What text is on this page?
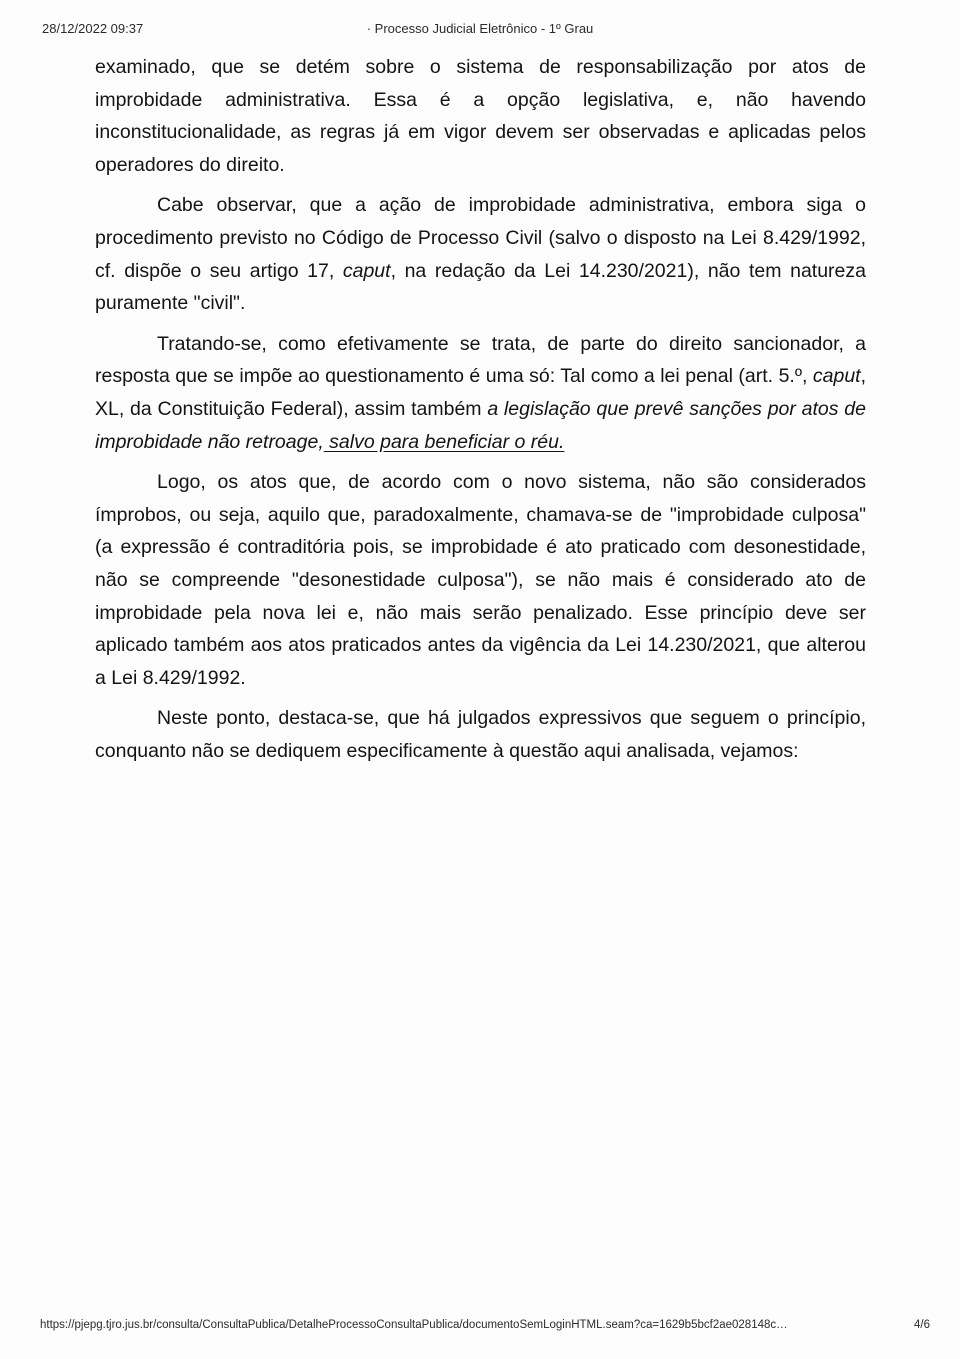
28/12/2022 09:37	· Processo Judicial Eletrônico - 1º Grau

examinado, que se detém sobre o sistema de responsabilização por atos de improbidade administrativa. Essa é a opção legislativa, e, não havendo inconstitucionalidade, as regras já em vigor devem ser observadas e aplicadas pelos operadores do direito.

Cabe observar, que a ação de improbidade administrativa, embora siga o procedimento previsto no Código de Processo Civil (salvo o disposto na Lei 8.429/1992, cf. dispõe o seu artigo 17, caput, na redação da Lei 14.230/2021), não tem natureza puramente "civil".

Tratando-se, como efetivamente se trata, de parte do direito sancionador, a resposta que se impõe ao questionamento é uma só: Tal como a lei penal (art. 5.º, caput, XL, da Constituição Federal), assim também a legislação que prevê sanções por atos de improbidade não retroage, salvo para beneficiar o réu.

Logo, os atos que, de acordo com o novo sistema, não são considerados ímprobos, ou seja, aquilo que, paradoxalmente, chamava-se de "improbidade culposa" (a expressão é contraditória pois, se improbidade é ato praticado com desonestidade, não se compreende "desonestidade culposa"), se não mais é considerado ato de improbidade pela nova lei e, não mais serão penalizado. Esse princípio deve ser aplicado também aos atos praticados antes da vigência da Lei 14.230/2021, que alterou a Lei 8.429/1992.

Neste ponto, destaca-se, que há julgados expressivos que seguem o princípio, conquanto não se dediquem especificamente à questão aqui analisada, vejamos:

https://pjepg.tjro.jus.br/consulta/ConsultaPublica/DetalheProcessoConsultaPublica/documentoSemLoginHTML.seam?ca=1629b5bcf2ae028148c…	4/6
